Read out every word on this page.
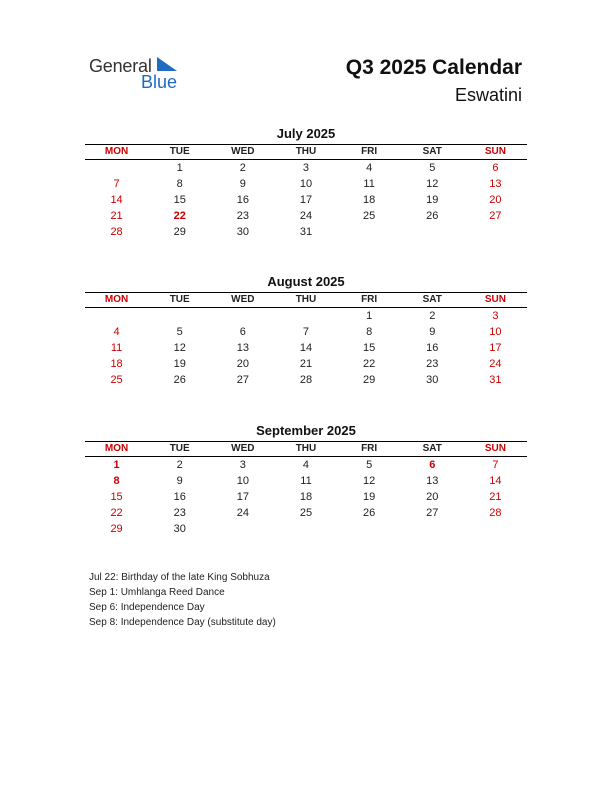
General
Blue
Q3 2025 Calendar
Eswatini
July 2025
MON	TUE	WED	THU	FRI	SAT	SUN
	1	2	3	4	5	6
7	8	9	10	11	12	13
14	15	16	17	18	19	20
21	22	23	24	25	26	27
28	29	30	31			
August 2025
MON	TUE	WED	THU	FRI	SAT	SUN
				1	2	3
4	5	6	7	8	9	10
11	12	13	14	15	16	17
18	19	20	21	22	23	24
25	26	27	28	29	30	31
September 2025
MON	TUE	WED	THU	FRI	SAT	SUN
1	2	3	4	5	6	7
8	9	10	11	12	13	14
15	16	17	18	19	20	21
22	23	24	25	26	27	28
29	30					
Jul 22: Birthday of the late King Sobhuza
Sep 1: Umhlanga Reed Dance
Sep 6: Independence Day
Sep 8: Independence Day (substitute day)
